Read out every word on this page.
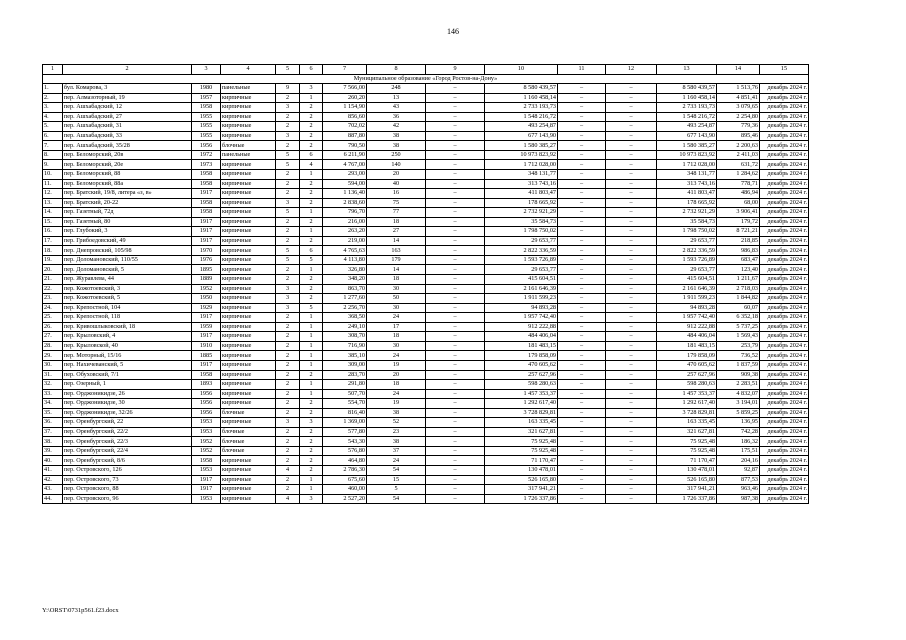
146
1	2	3	4	5	6	7	8	9	10	11	12	13	14	15
Муниципальное образование «Город Ростов-на-Дону»														
1.	бул. Комарова, 3	1980	панельные	9	3	7 566,00	248	–	8 580 439,57	–	–	8 580 439,57	1 513,76	декабрь 2024 г.
2.	пер. Алмазоторный, 19	1957	кирпичные	2	1	260,20	13	–	1 160 458,14	–	–	1 160 458,14	4 851,41	декабрь 2024 г.
3.	пер. Ашхабадский, 12	1958	кирпичные	3	2	1 154,90	43	–	2 733 193,73	–	–	2 733 193,73	3 079,65	декабрь 2024 г.
4.	пер. Ашхабадский, 27	1955	кирпичные	2	2	856,60	36	–	1 548 216,72	–	–	1 548 216,72	2 254,80	декабрь 2024 г.
5.	пер. Ашхабадский, 31	1955	кирпичные	2	2	702,02	42	–	493 254,87	–	–	493 254,87	779,36	декабрь 2024 г.
6.	пер. Ашхабадский, 33	1955	кирпичные	3	2	887,80	38	–	677 143,90	–	–	677 143,90	895,46	декабрь 2024 г.
7.	пер. Ашхабадский, 35/28	1956	блочные	2	2	790,50	38	–	1 580 385,27	–	–	1 580 385,27	2 200,63	декабрь 2024 г.
8.	пер. Беломорский, 20в	1972	панельные	5	6	6 211,90	250	–	10 973 823,92	–	–	10 973 823,92	2 411,03	декабрь 2024 г.
9.	пер. Беломорский, 20е	1973	кирпичные	5	4	4 767,00	140	–	1 712 028,00	–	–	1 712 028,00	631,72	декабрь 2024 г.
10.	пер. Беломорский, 88	1958	кирпичные	2	1	293,00	20	–	348 131,77	–	–	348 131,77	1 284,62	декабрь 2024 г.
11.	пер. Беломорский, 88а	1958	кирпичные	2	2	594,00	40	–	313 743,16	–	–	313 743,16	778,71	декабрь 2024 г.
12.	пер. Братский, 19/8, литера «з, в»	1917	кирпичные	2	2	1 136,40	16	–	411 803,47	–	–	411 803,47	486,94	декабрь 2024 г.
13.	пер. Братский, 20-22	1958	кирпичные	3	2	2 838,60	75	–	178 665,92	–	–	178 665,92	68,00	декабрь 2024 г.
14.	пер. Газетный, 72д	1958	кирпичные	5	1	796,70	77	–	2 732 921,29	–	–	2 732 921,29	3 906,41	декабрь 2024 г.
15.	пер. Газетный, 80	1917	кирпичные	2	2	216,00	18	–	35 584,73	–	–	35 584,73	179,72	декабрь 2024 г.
16.	пер. Глубокий, 3	1917	кирпичные	2	1	263,20	27	–	1 798 750,02	–	–	1 798 750,02	8 721,21	декабрь 2024 г.
17.	пер. Грибоедовский, 49	1917	кирпичные	2	2	219,00	14	–	29 653,77	–	–	29 653,77	218,85	декабрь 2024 г.
18.	пер. Днепровский, 105/98	1970	кирпичные	5	6	4 765,63	163	–	2 822 336,59	–	–	2 822 336,59	986,83	декабрь 2024 г.
19.	пер. Доломановский, 110/55	1976	кирпичные	5	5	4 113,80	179	–	1 593 726,89	–	–	1 593 726,89	683,47	декабрь 2024 г.
20.	пер. Доломановский, 5	1895	кирпичные	2	1	326,80	14	–	29 653,77	–	–	29 653,77	123,40	декабрь 2024 г.
21.	пер. Журавлева, 44	1889	кирпичные	2	2	348,20	18	–	415 604,51	–	–	415 604,51	1 211,67	декабрь 2024 г.
22.	пер. Кожотоевский, 3	1952	кирпичные	3	2	863,70	30	–	2 161 646,39	–	–	2 161 646,39	2 718,03	декабрь 2024 г.
23.	пер. Кожотоевский, 5	1950	кирпичные	3	2	1 277,60	50	–	1 911 599,23	–	–	1 911 599,23	1 844,82	декабрь 2024 г.
24.	пер. Крепостной, 104	1929	кирпичные	3	5	2 256,70	30	–	94 893,28	–	–	94 893,28	60,07	декабрь 2024 г.
25.	пер. Крепостной, 118	1917	кирпичные	2	1	368,50	24	–	1 957 742,40	–	–	1 957 742,40	6 352,18	декабрь 2024 г.
26.	пер. Кривошлыковский, 18	1959	кирпичные	2	1	249,10	17	–	912 222,88	–	–	912 222,88	5 737,25	декабрь 2024 г.
27.	пер. Крыловский, 4	1917	кирпичные	2	1	308,70	18	–	484 406,04	–	–	484 406,04	1 569,43	декабрь 2024 г.
28.	пер. Крыловской, 40	1910	кирпичные	2	1	716,90	30	–	181 483,15	–	–	181 483,15	253,79	декабрь 2024 г.
29.	пер. Моторный, 15/16	1885	кирпичные	2	1	385,10	24	–	179 858,09	–	–	179 858,09	736,52	декабрь 2024 г.
30.	пер. Нахичеванский, 5	1917	кирпичные	2	1	309,00	19	–	470 605,62	–	–	470 605,62	1 837,59	декабрь 2024 г.
31.	пер. Обуховский, 7/1	1958	кирпичные	2	2	283,70	20	–	257 627,96	–	–	257 627,96	909,38	декабрь 2024 г.
32.	пер. Озерный, 1	1893	кирпичные	2	1	291,80	18	–	598 280,63	–	–	598 280,63	2 283,51	декабрь 2024 г.
33.	пер. Орджоникидзе, 26	1956	кирпичные	2	1	507,70	24	–	1 457 353,37	–	–	1 457 353,37	4 832,07	декабрь 2024 г.
34.	пер. Орджоникидзе, 30	1956	кирпичные	2	2	554,70	19	–	1 292 617,40	–	–	1 292 617,40	3 194,01	декабрь 2024 г.
35.	пер. Орджоникидзе, 32/26	1956	блочные	2	2	816,40	38	–	3 728 829,81	–	–	3 728 829,81	5 859,25	декабрь 2024 г.
36.	пер. Оренбургский, 22	1953	кирпичные	3	3	1 369,00	52	–	163 335,45	–	–	163 335,45	136,95	декабрь 2024 г.
37.	пер. Оренбургский, 22/2	1953	блочные	2	2	577,80	23	–	321 627,81	–	–	321 627,81	742,28	декабрь 2024 г.
38.	пер. Оренбургский, 22/3	1952	блочные	2	2	543,30	38	–	75 925,48	–	–	75 925,48	186,32	декабрь 2024 г.
39.	пер. Оренбургский, 22/4	1952	блочные	2	2	576,80	37	–	75 925,48	–	–	75 925,48	175,51	декабрь 2024 г.
40.	пер. Оренбургский, 8/6	1958	кирпичные	2	2	464,80	24	–	71 170,47	–	–	71 170,47	204,16	декабрь 2024 г.
41.	пер. Островского, 126	1953	кирпичные	4	2	2 786,30	54	–	130 478,01	–	–	130 478,01	92,87	декабрь 2024 г.
42.	пер. Островского, 73	1917	кирпичные	2	1	675,60	15	–	526 165,80	–	–	526 165,80	877,53	декабрь 2024 г.
43.	пер. Островского, 88	1917	кирпичные	2	1	460,00	5	–	317 941,21	–	–	317 941,21	963,46	декабрь 2024 г.
44.	пер. Островского, 96	1953	кирпичные	4	3	2 527,20	54	–	1 726 337,86	–	–	1 726 337,86	987,38	декабрь 2024 г.
Y:\ORST\0731p561.f23.docx
